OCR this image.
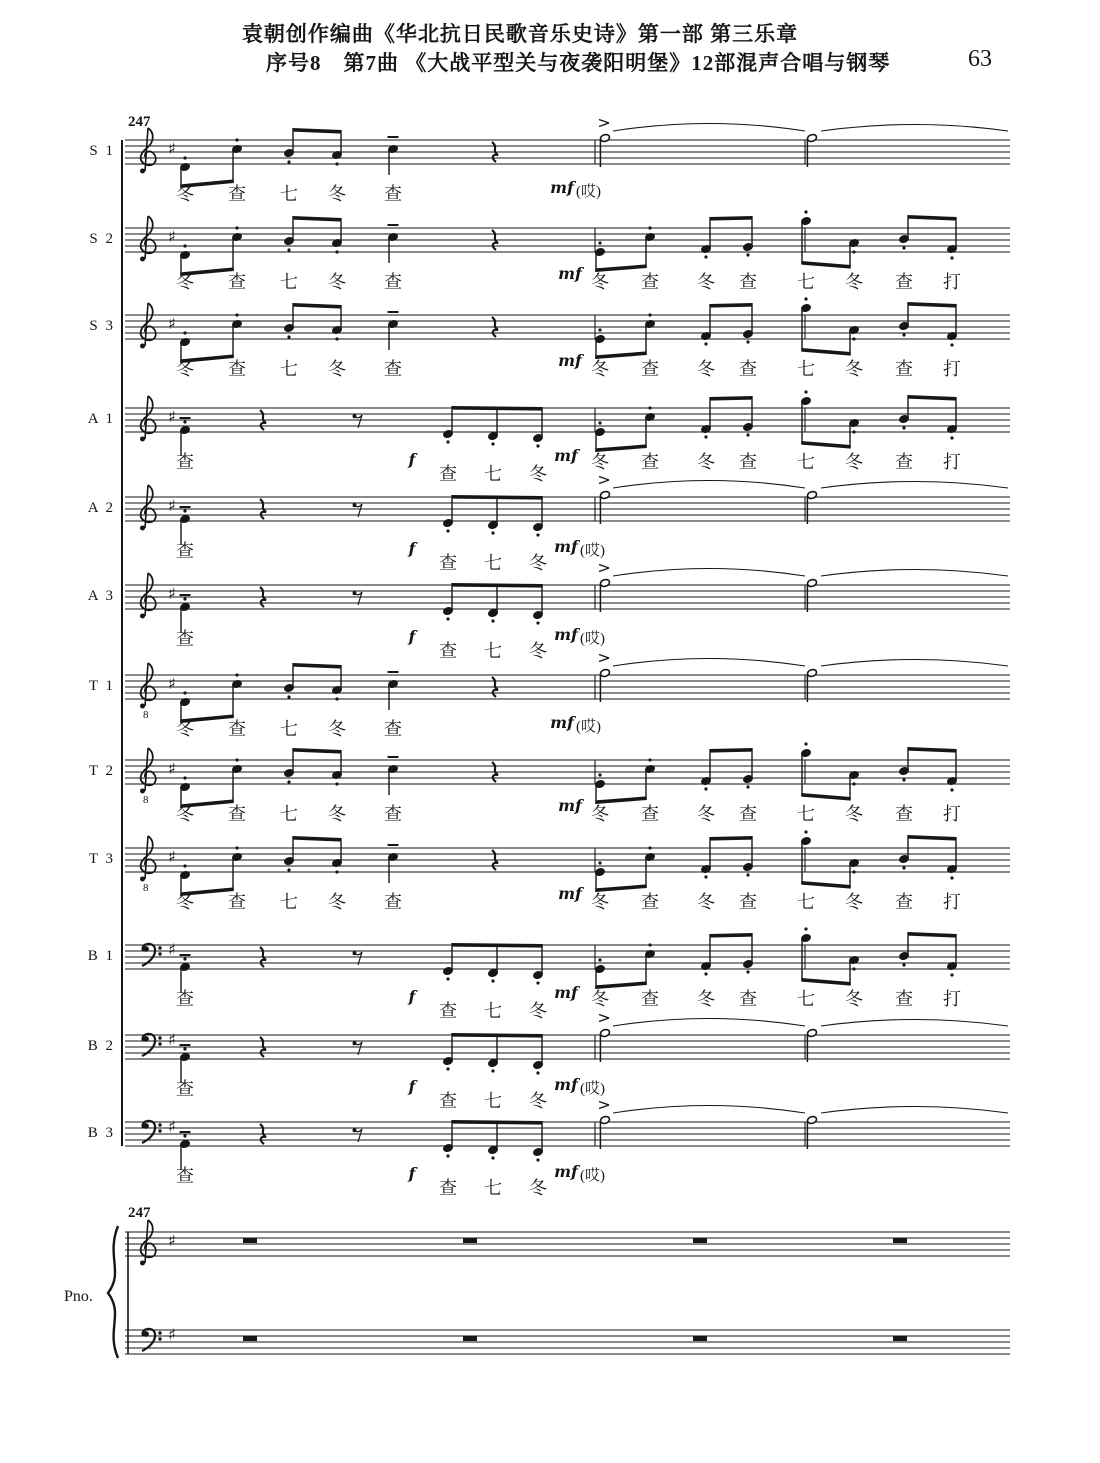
袁朝创作编曲《华北抗日民歌音乐史诗》第一部 第三乐章
序号8　第7曲 《大战平型关与夜袭阳明堡》12部混声合唱与钢琴	63
♯
♯
♯
♯
♯
♯
8
♯
8
♯
8
♯
♯
♯
♯
♯
♯
S 1
冬 查 七 冬 查	mf (哎)
S 2
冬 查 七 冬 查	mf 冬 查 冬 查 七 冬 查 打
S 3
冬 查 七 冬 查	mf 冬 查 冬 查 七 冬 查 打
A 1
查	f
查 七 冬
mf 冬 查 冬 查 七 冬 查 打
A 2
查	f
查 七 冬
mf (哎)
A 3
查	f
查 七 冬
mf (哎)
T 1
冬 查 七 冬 查	mf (哎)
T 2
冬 查 七 冬 查	mf 冬 查 冬 查 七 冬 查 打
T 3
冬 查 七 冬 查	mf 冬 查 冬 查 七 冬 查 打
B 1
查	f
查 七 冬
mf 冬 查 冬 查 七 冬 查 打
B 2
查	f
查 七 冬
mf (哎)
B 3
查	f
查 七 冬
mf (哎)
247
247
Pno.
